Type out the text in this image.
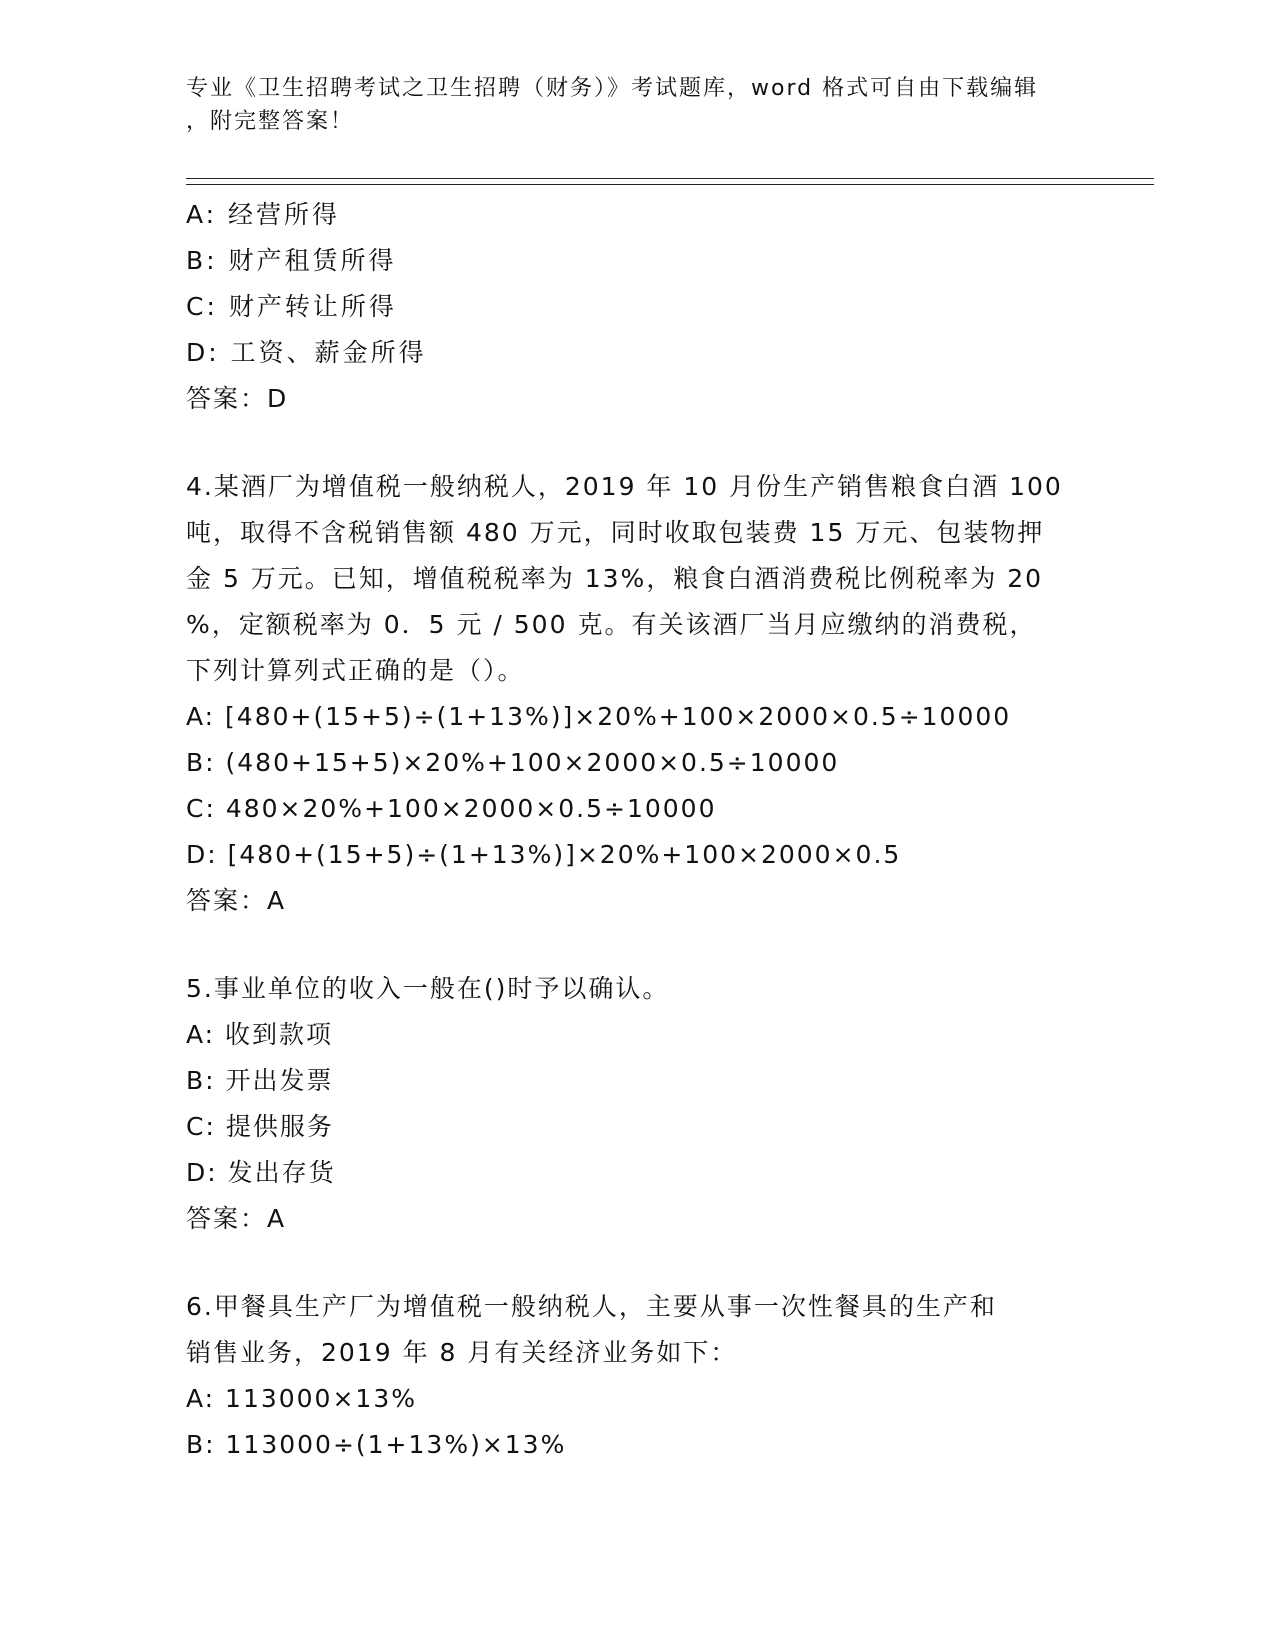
专业《卫生招聘考试之卫生招聘（财务）》考试题库，word 格式可自由下载编辑
，附完整答案！
A: 经营所得
B: 财产租赁所得
C: 财产转让所得
D: 工资、薪金所得
答案：D
4.某酒厂为增值税一般纳税人，2019 年 10 月份生产销售粮食白酒 100
吨，取得不含税销售额 480 万元，同时收取包装费 15 万元、包装物押
金 5 万元。已知，增值税税率为 13%，粮食白酒消费税比例税率为 20
%，定额税率为 0．5 元 / 500 克。有关该酒厂当月应缴纳的消费税，
下列计算列式正确的是（）。
A: [480+(15+5)÷(1+13%)]×20%+100×2000×0.5÷10000
B: (480+15+5)×20%+100×2000×0.5÷10000
C: 480×20%+100×2000×0.5÷10000
D: [480+(15+5)÷(1+13%)]×20%+100×2000×0.5
答案：A
5.事业单位的收入一般在()时予以确认。
A: 收到款项
B: 开出发票
C: 提供服务
D: 发出存货
答案：A
6.甲餐具生产厂为增值税一般纳税人，主要从事一次性餐具的生产和
销售业务，2019 年 8 月有关经济业务如下：
A: 113000×13%
B: 113000÷(1+13%)×13%
